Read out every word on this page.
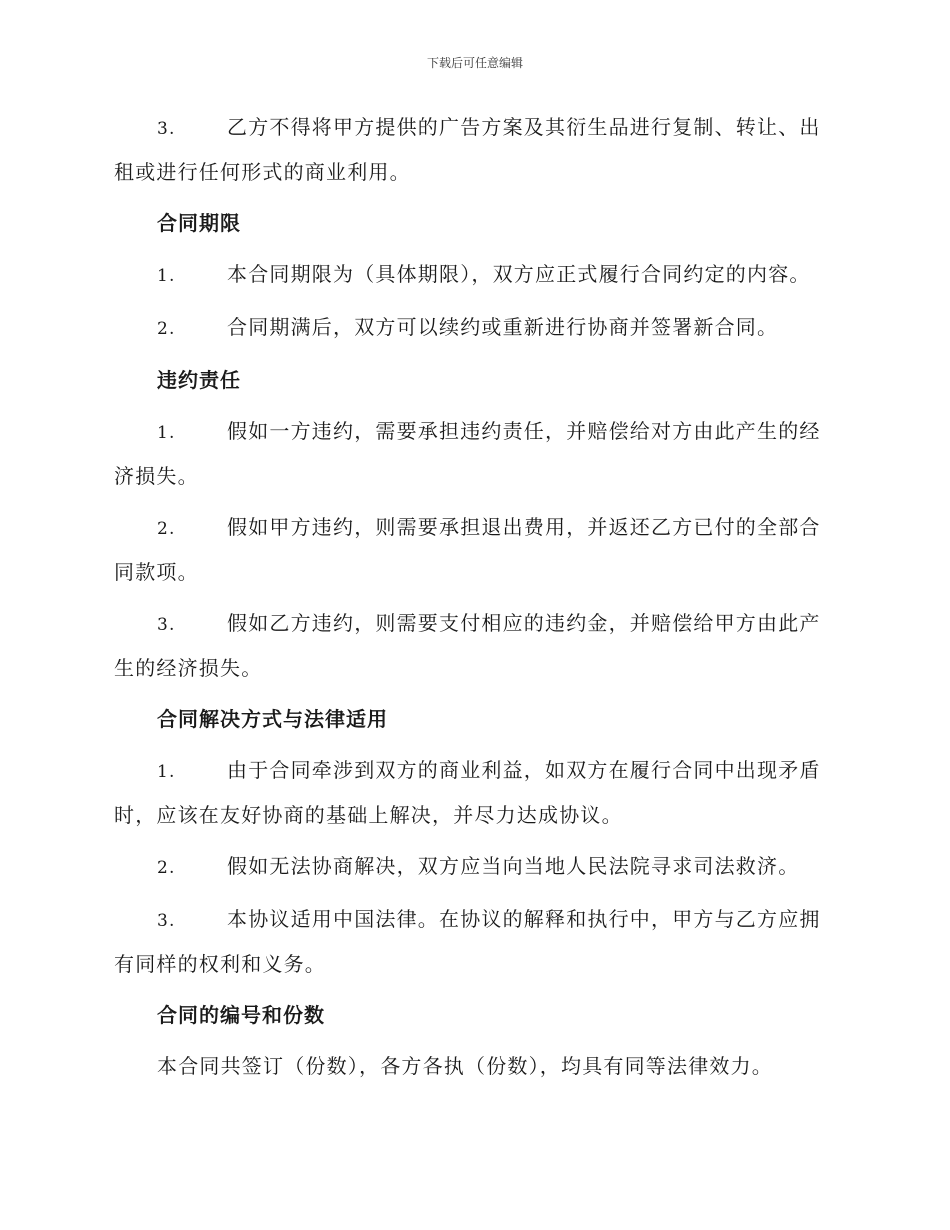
下载后可任意编辑

3.	乙方不得将甲方提供的广告方案及其衍生品进行复制、转让、出租或进行任何形式的商业利用。

合同期限

1.	本合同期限为（具体期限），双方应正式履行合同约定的内容。

2.	合同期满后，双方可以续约或重新进行协商并签署新合同。

违约责任

1.	假如一方违约，需要承担违约责任，并赔偿给对方由此产生的经济损失。

2.	假如甲方违约，则需要承担退出费用，并返还乙方已付的全部合同款项。

3.	假如乙方违约，则需要支付相应的违约金，并赔偿给甲方由此产生的经济损失。

合同解决方式与法律适用

1.	由于合同牵涉到双方的商业利益，如双方在履行合同中出现矛盾时，应该在友好协商的基础上解决，并尽力达成协议。

2.	假如无法协商解决，双方应当向当地人民法院寻求司法救济。

3.	本协议适用中国法律。在协议的解释和执行中，甲方与乙方应拥有同样的权利和义务。

合同的编号和份数

本合同共签订（份数），各方各执（份数），均具有同等法律效力。
